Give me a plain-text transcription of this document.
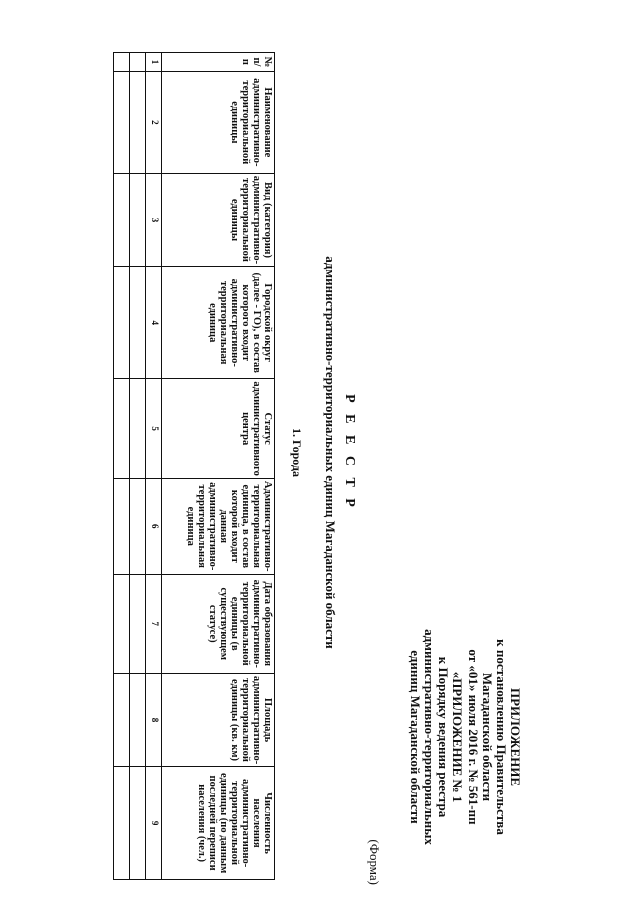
ПРИЛОЖЕНИЕ
к постановлению Правительства
Магаданской области
от «01» июля 2016 г. № 561-пп
«ПРИЛОЖЕНИЕ № 1
к Порядку ведения реестра
административно-территориальных
единиц Магаданской области
(Форма)
Р Е Е С Т Р
административно-территориальных единиц Магаданской области
1. Города
№ п/п	Наименование административно-территориальной единицы	Вид (категория) административно-территориальной единицы	Городской округ (далее - ГО), в состав которого входит административно-территориальная единица	Статус административного центра	Административно-территориальная единица, в состав которой входит данная административно-территориальная единица	Дата образования административно-территориальной единицы (в существующем статусе)	Площадь административно-территориальной единицы (кв. км)	Численность населения административно-территориальной единицы (по данным последней переписи населения (чел.)
1	2	3	4	5	6	7	8	9
